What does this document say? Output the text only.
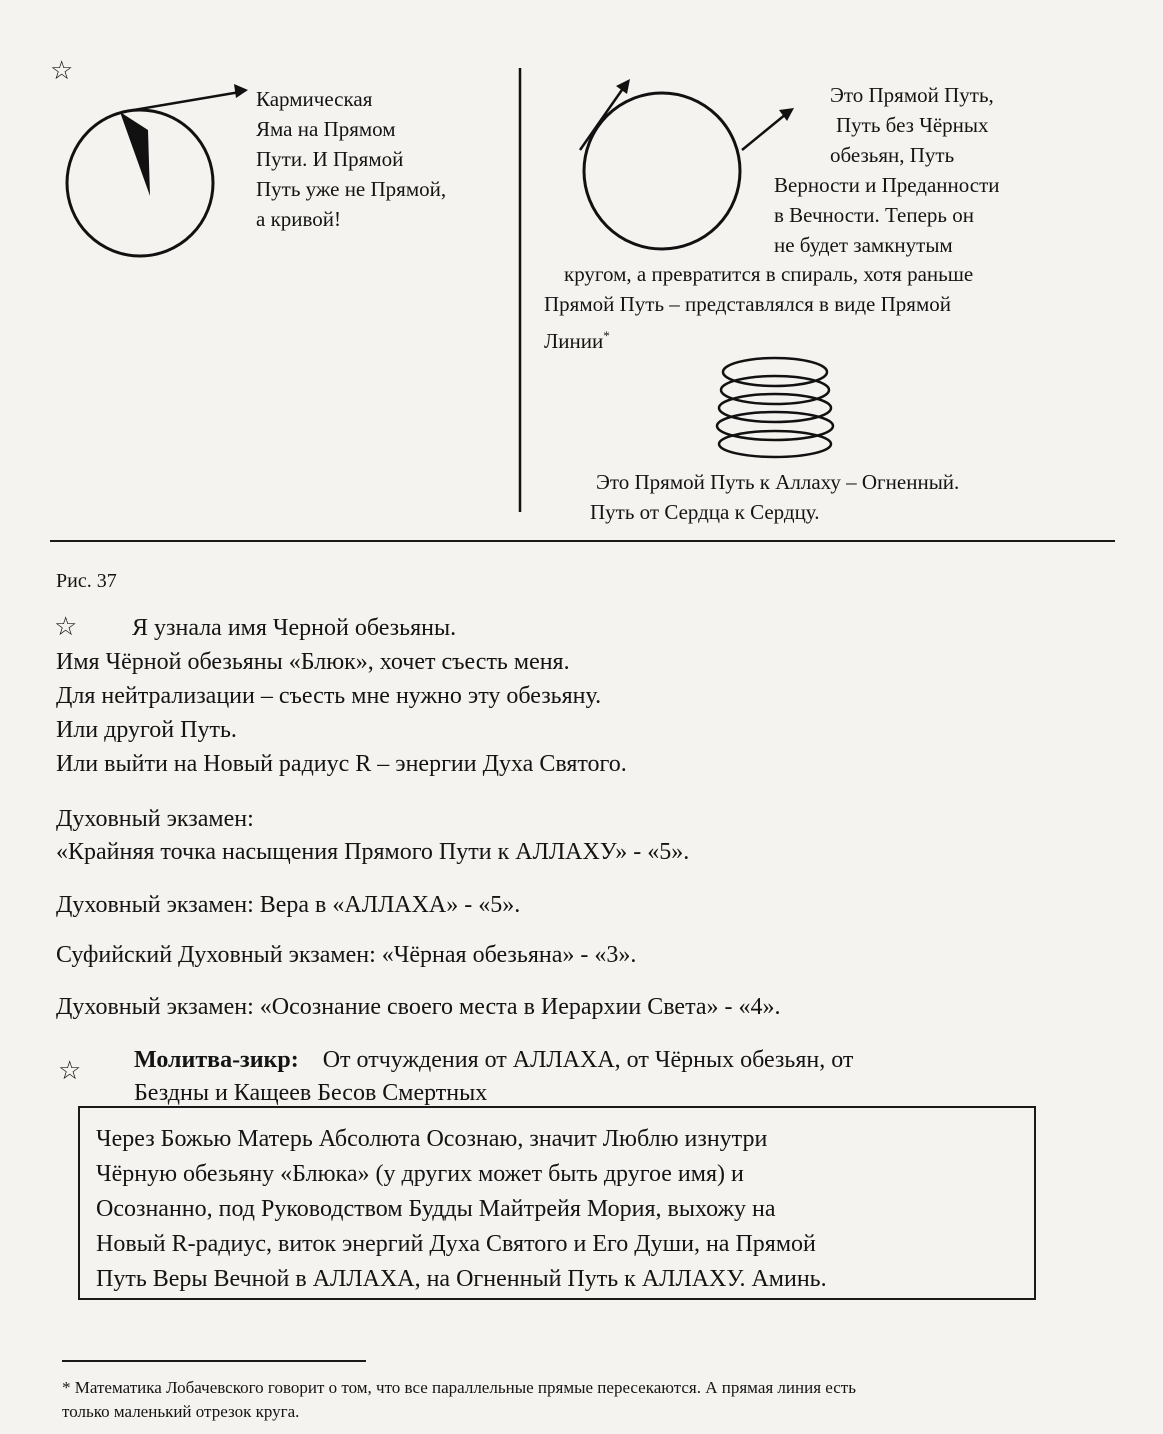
☆
Кармическая
Яма на Прямом
Пути. И Прямой
Путь уже не Прямой,
а кривой!
Это Прямой Путь,
Путь без Чёрных
обезьян, Путь
Верности и Преданности
в Вечности. Теперь он
не будет замкнутым
кругом, а превратится в спираль, хотя раньше
Прямой Путь – представлялся в виде Прямой
Линии*
Это Прямой Путь к Аллаху – Огненный.
Путь от Сердца к Сердцу.
Рис. 37
☆ Я узнала имя Черной обезьяны.
Имя Чёрной обезьяны «Блюк», хочет съесть меня.
Для нейтрализации – съесть мне нужно эту обезьяну.
Или другой Путь.
Или выйти на Новый радиус R – энергии Духа Святого.
Духовный экзамен:
«Крайняя точка насыщения Прямого Пути к АЛЛАХУ» - «5».
Духовный экзамен: Вера в «АЛЛАХА» - «5».
Суфийский Духовный экзамен: «Чёрная обезьяна» - «3».
Духовный экзамен: «Осознание своего места в Иерархии Света» - «4».
☆ Молитва-зикр: От отчуждения от АЛЛАХА, от Чёрных обезьян, от
Бездны и Кащеев Бесов Смертных
Через Божью Матерь Абсолюта Осознаю, значит Люблю изнутри
Чёрную обезьяну «Блюка» (у других может быть другое имя) и
Осознанно, под Руководством Будды Майтрейя Мория, выхожу на
Новый R-радиус, виток энергий Духа Святого и Его Души, на Прямой
Путь Веры Вечной в АЛЛАХА, на Огненный Путь к АЛЛАХУ. Аминь.
* Математика Лобачевского говорит о том, что все параллельные прямые пересекаются. А прямая линия есть
только маленький отрезок круга.
